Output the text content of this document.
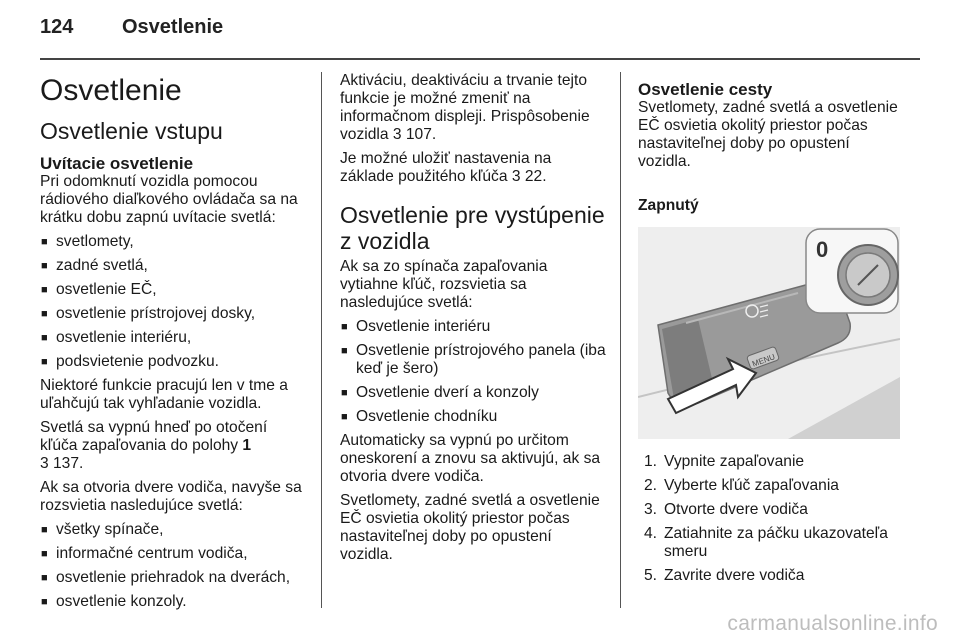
124 Osvetlenie
Osvetlenie
Osvetlenie vstupu
Uvítacie osvetlenie

Pri odomknutí vozidla pomocou rádiového diaľkového ovládača sa na krátku dobu zapnú uvítacie svetlá:

■ svetlomety,
■ zadné svetlá,
■ osvetlenie EČ,
■ osvetlenie prístrojovej dosky,
■ osvetlenie interiéru,
■ podsvietenie podvozku.

Niektoré funkcie pracujú len v tme a uľahčujú tak vyhľadanie vozidla.

Svetlá sa vypnú hneď po otočení kľúča zapaľovania do polohy 1
3 137.

Ak sa otvoria dvere vodiča, navyše sa rozsvietia nasledujúce svetlá:

■ všetky spínače,
■ informačné centrum vodiča,
■ osvetlenie priehradok na dverách,
■ osvetlenie konzoly.

Aktiváciu, deaktiváciu a trvanie tejto funkcie je možné zmeniť na informačnom displeji. Prispôsobenie vozidla 3 107.

Je možné uložiť nastavenia na základe použitého kľúča 3 22.

Osvetlenie pre vystúpenie z vozidla

Ak sa zo spínača zapaľovania vytiahne kľúč, rozsvietia sa nasledujúce svetlá:

■ Osvetlenie interiéru
■ Osvetlenie prístrojového panela (iba keď je šero)
■ Osvetlenie dverí a konzoly
■ Osvetlenie chodníku

Automaticky sa vypnú po určitom oneskorení a znovu sa aktivujú, ak sa otvoria dvere vodiča.

Svetlomety, zadné svetlá a osvetlenie EČ osvietia okolitý priestor počas nastaviteľnej doby po opustení vozidla.

Osvetlenie cesty

Svetlomety, zadné svetlá a osvetlenie EČ osvietia okolitý priestor počas nastaviteľnej doby po opustení vozidla.

Zapnutý
MENU
0
1. Vypnite zapaľovanie
2. Vyberte kľúč zapaľovania
3. Otvorte dvere vodiča
4. Zatiahnite za páčku ukazovateľa smeru
5. Zavrite dvere vodiča
carmanualsonline.info
